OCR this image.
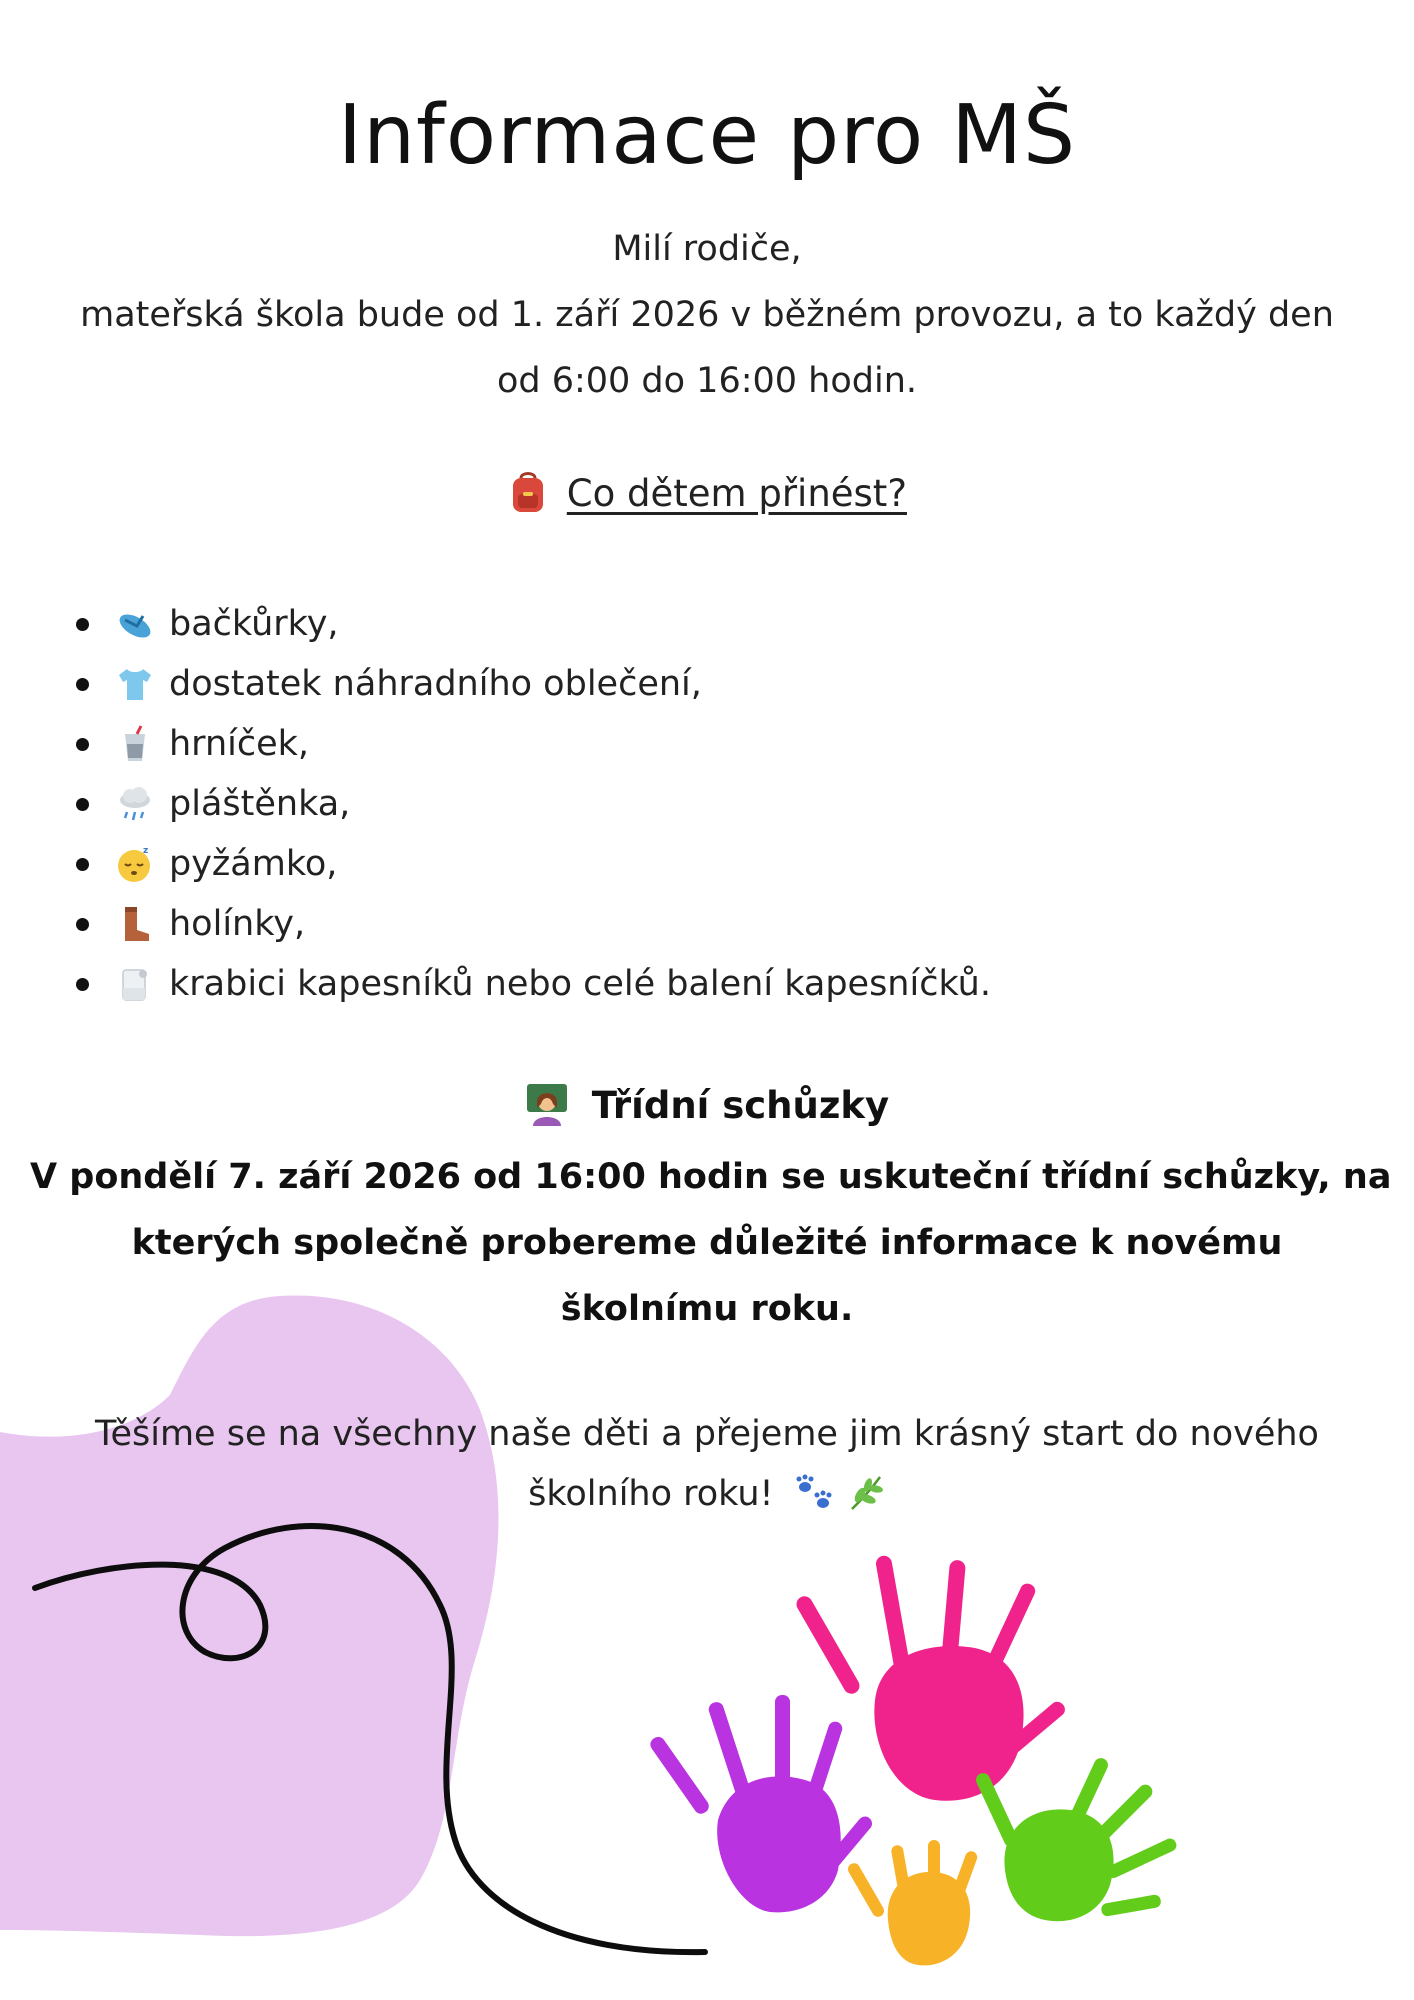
Informace pro MŠ
Milí rodiče,
mateřská škola bude od 1. září 2026 v běžném provozu, a to každý den
od 6:00 do 16:00 hodin.
Co dětem přinést?
bačkůrky,
dostatek náhradního oblečení,
hrníček,
pláštěnka,
z pyžámko,
holínky,
krabici kapesníků nebo celé balení kapesníčků.
Třídní schůzky
V pondělí 7. září 2026 od 16:00 hodin se uskuteční třídní schůzky, na
kterých společně probereme důležité informace k novému
školnímu roku.
Těšíme se na všechny naše děti a přejeme jim krásný start do nového
školního roku!
